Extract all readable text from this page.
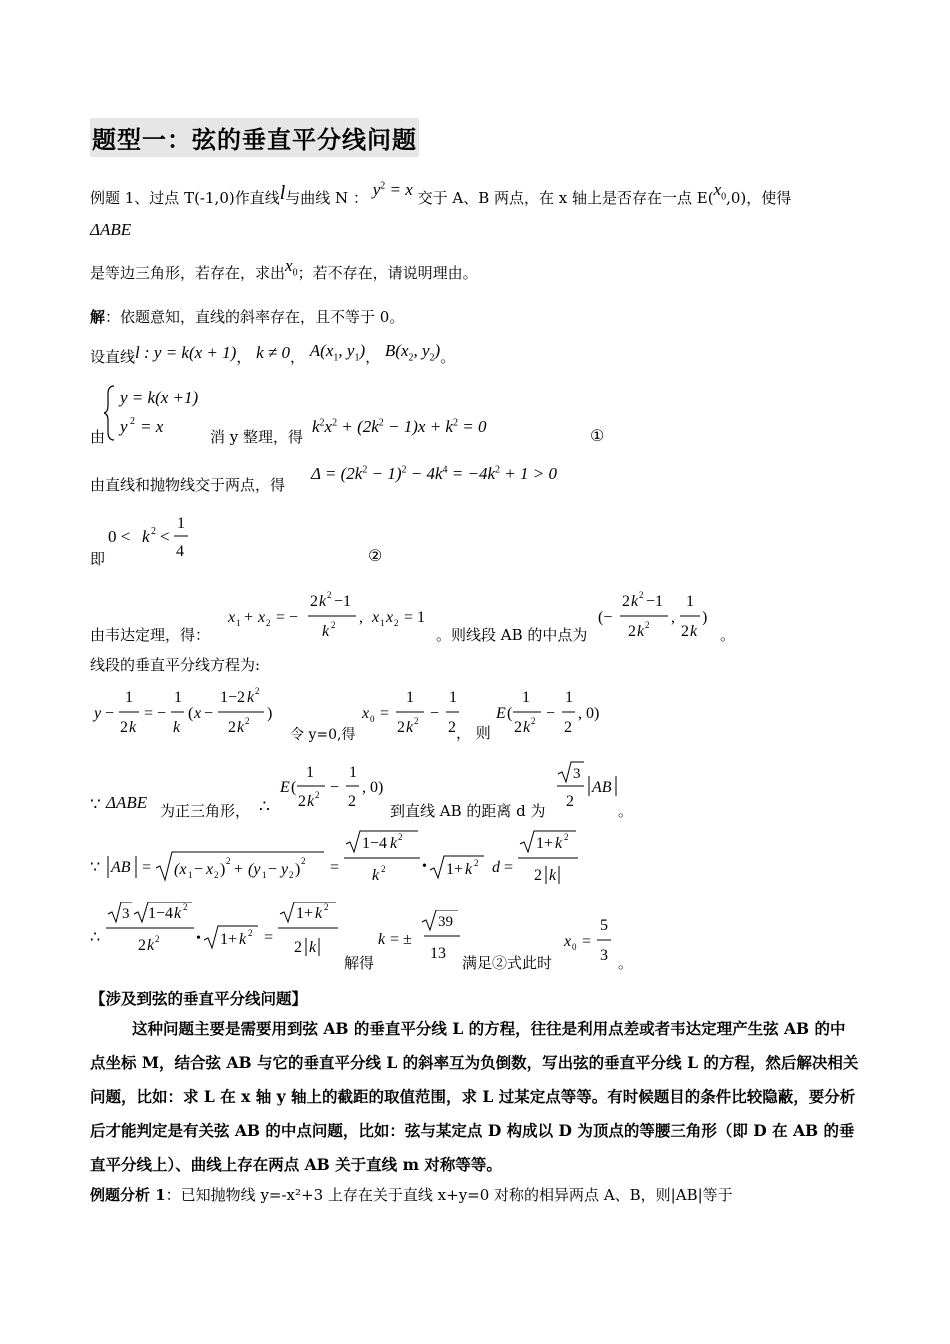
题型一：弦的垂直平分线问题
例题 1、过点 T(-1,0)作直线l与曲线 N ： $y^2 = x$ 交于 A、B 两点，在 x 轴上是否存在一点 $E(x_0,0)$，使得
ΔABE
是等边三角形，若存在，求出$x_0$；若不存在，请说明理由。
解：依题意知，直线的斜率存在，且不等于 0。
设直线l : y = k(x + 1)， k ≠ 0， $A(x_1$, $y_1$)， $B(x_2$, $y_2$)。
由
y = k(x +1)
y 2 = x
消 y 整理，得
$k^2x^2 + (2k^2 - 1)x + k^2 = 0$	①
由直线和抛物线交于两点，得
$\Delta = (2k^2 - 1)^2 - 4k^4 = -4k^2 + 1 > 0$
即
0 < k 2 <
1
4	②
由韦达定理，得：
x 1 + x 2 = −
2 k 2 −1
k 2 , x 1 x 2 = 1
。则线段 AB 的中点为
(−
2 k 2 −1
2 k 2 ,
1
2 k
)
。
线段的垂直平分线方程为:
y −
1
2 k
= −
1
k
( x −
1−2 k 2
2 k 2 )
令 y=0,得
x 0 =
1
2 k 2 −
1
2 ， 则
E (
1
2 k 2 −
1
2
, 0)
∵ ΔABE 为正三角形， ∴
E (
1
2 k 2 −
1
2
, 0)
到直线 AB 的距离 d 为
3
2
AB
。
∵ AB = (x 1 − x 2 ) 2 + (y 1 − y 2 ) 2 =
1−4 k 2
k 2	• 1+ k 2 d =
1+ k 2
2 k
∴
3 1−4 k 2
2 k 2	• 1+ k 2 =
1+ k 2
2 k
解得
k = ±
39
13
满足②式此时
x 0 =
5
3 。
【涉及到弦的垂直平分线问题】
这种问题主要是需要用到弦 AB 的垂直平分线 L 的方程，往往是利用点差或者韦达定理产生弦 AB 的中点坐标 M，结合弦 AB 与它的垂直平分线 L 的斜率互为负倒数，写出弦的垂直平分线 L 的方程，然后解决相关问题，比如：求 L 在 x 轴 y 轴上的截距的取值范围，求 L 过某定点等等。有时候题目的条件比较隐蔽，要分析后才能判定是有关弦 AB 的中点问题，比如：弦与某定点 D 构成以 D 为顶点的等腰三角形（即 D 在 AB 的垂直平分线上）、曲线上存在两点 AB 关于直线 m 对称等等。
例题分析 1：已知抛物线 y=-x²+3 上存在关于直线 x+y=0 对称的相异两点 A、B，则|AB|等于
